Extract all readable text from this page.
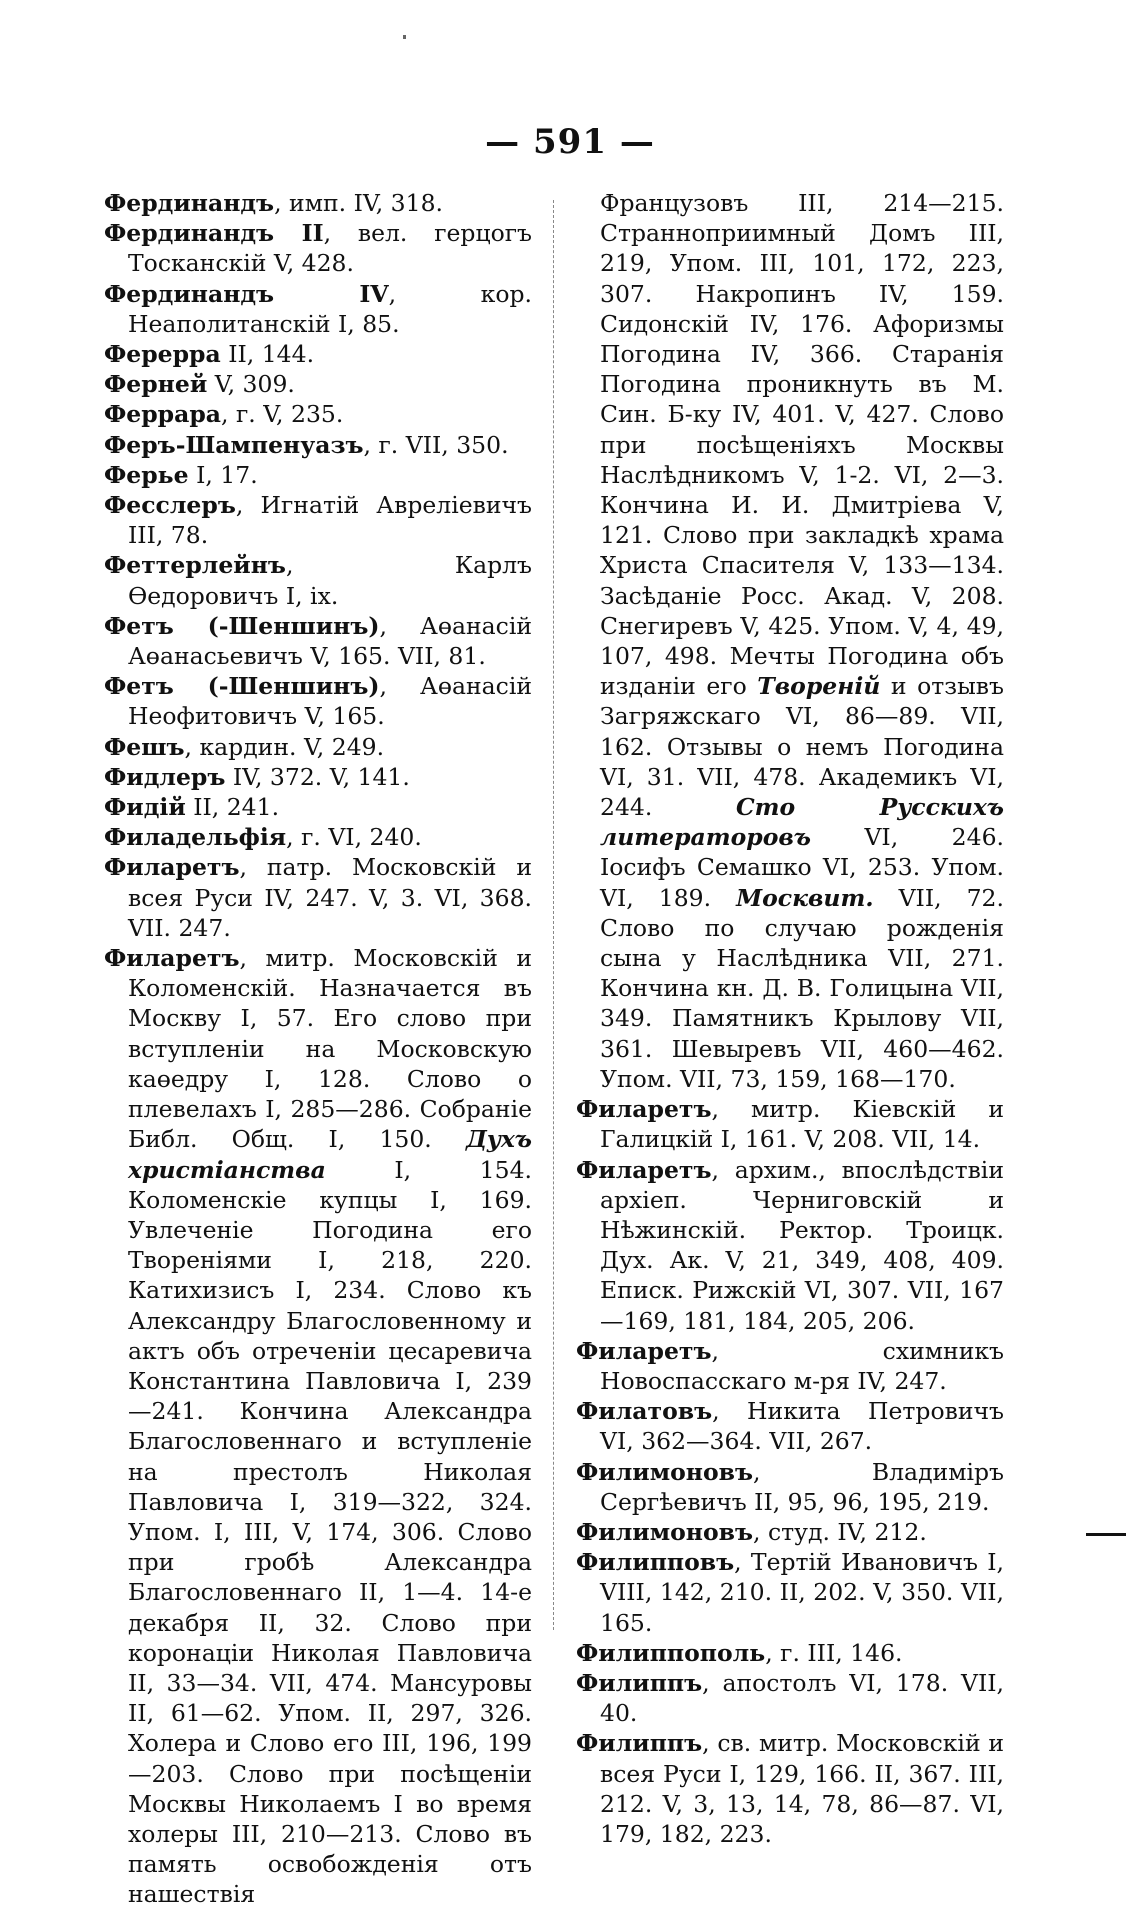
— 591 —

Фердинандъ, имп. IV, 318.

Фердинандъ II, вел. герцогъ Тосканскій V, 428.

Фердинандъ IV, кор. Неаполитанскій I, 85.

Фереррa II, 144.

Ферней V, 309.

Феррара, г. V, 235.

Феръ-Шампенуазъ, г. VII, 350.

Ферье I, 17.

Фесслеръ, Игнатій Авреліевичъ III, 78.

Феттерлейнъ, Карлъ Өедоровичъ I, ix.

Фетъ (-Шеншинъ), Аөанасій Аөанасьевичъ V, 165. VII, 81.

Фетъ (-Шеншинъ), Аөанасій Неофитовичъ V, 165.

Фешъ, кардин. V, 249.

Фидлеръ IV, 372. V, 141.

Фидій II, 241.

Филадельфія, г. VI, 240.

Филаретъ, патр. Московскій и всея Руси IV, 247. V, 3. VI, 368. VII. 247.

Филаретъ, митр. Московскій и Коломенскій. Назначается въ Москву I, 57. Его слово при вступленіи на Московскую каөедру I, 128. Слово о плевелахъ I, 285—286. Собраніе Библ. Общ. I, 150. Духъ христіанства I, 154. Коломенскіе купцы I, 169. Увлеченіе Погодина его Твореніями I, 218, 220. Катихизисъ I, 234. Слово къ Александру Благословенному и актъ объ отреченіи цесаревича Константина Павловича I, 239—241. Кончина Александра Благословеннаго и вступленіе на престолъ Николая Павловича I, 319—322, 324. Упом. I, III, V, 174, 306. Слово при гробѣ Александра Благословеннаго II, 1—4. 14-е декабря II, 32. Слово при коронаціи Николая Павловича II, 33—34. VII, 474. Мансуровы II, 61—62. Упом. II, 297, 326. Холера и Слово его III, 196, 199—203. Слово при посѣщеніи Москвы Николаемъ I во время холеры III, 210—213. Слово въ память освобожденія отъ нашествія

Французовъ III, 214—215. Странноприимный Домъ III, 219, Упом. III, 101, 172, 223, 307. Накропинъ IV, 159. Сидонскій IV, 176. Афоризмы Погодина IV, 366. Старанія Погодина проникнуть въ М. Син. Б-ку IV, 401. V, 427. Слово при посѣщеніяхъ Москвы Наслѣдникомъ V, 1-2. VI, 2—3. Кончина И. И. Дмитріева V, 121. Слово при закладкѣ храма Христа Спасителя V, 133—134. Засѣданіе Росс. Акад. V, 208. Снегиревъ V, 425. Упом. V, 4, 49, 107, 498. Мечты Погодина объ изданіи его Твореній и отзывъ Загряжскаго VI, 86—89. VII, 162. Отзывы о немъ Погодина VI, 31. VII, 478. Академикъ VI, 244. Сто Русскихъ литераторовъ VI, 246. Іосифъ Семашко VI, 253. Упом. VI, 189. Москвит. VII, 72. Слово по случаю рожденія сына у Наслѣдника VII, 271. Кончина кн. Д. В. Голицына VII, 349. Памятникъ Крылову VII, 361. Шевыревъ VII, 460—462. Упом. VII, 73, 159, 168—170.

Филаретъ, митр. Кіевскій и Галицкій I, 161. V, 208. VII, 14.

Филаретъ, архим., впослѣдствіи архіеп. Черниговскій и Нѣжинскій. Ректор. Троицк. Дух. Ак. V, 21, 349, 408, 409. Епиcк. Рижскій VI, 307. VII, 167—169, 181, 184, 205, 206.

Филаретъ, схимникъ Новоспасскаго м-ря IV, 247.

Филатовъ, Никита Петровичъ VI, 362—364. VII, 267.

Филимоновъ, Владиміръ Сергѣевичъ II, 95, 96, 195, 219.

Филимоновъ, студ. IV, 212.

Филипповъ, Тертій Ивановичъ I, VIII, 142, 210. II, 202. V, 350. VII, 165.

Филиппополь, г. III, 146.

Филиппъ, апостолъ VI, 178. VII, 40.

Филиппъ, св. митр. Московскій и всея Руси I, 129, 166. II, 367. III, 212. V, 3, 13, 14, 78, 86—87. VI, 179, 182, 223.
